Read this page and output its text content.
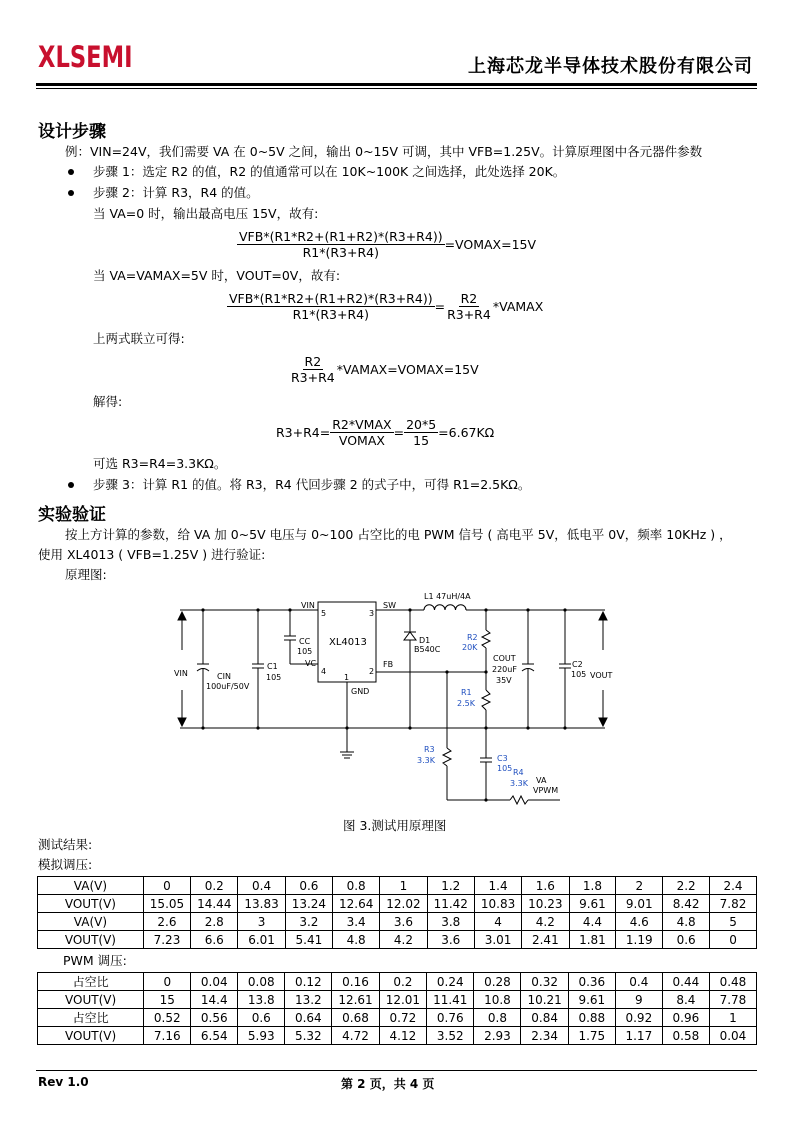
XLSEMI	上海芯龙半导体技术股份有限公司
设计步骤
例：VIN=24V，我们需要 VA 在 0~5V 之间，输出 0~15V 可调，其中 VFB=1.25V。计算原理图中各元器件参数
步骤 1：选定 R2 的值，R2 的值通常可以在 10K~100K 之间选择，此处选择 20K。
步骤 2：计算 R3，R4 的值。
当 VA=0 时，输出最高电压 15V，故有:
$\frac{\text{VFB*(R1*R2+(R1+R2)*(R3+R4))}}{R1*(R3+R4)}$ =VOMAX=15V
当 VA=VAMAX=5V 时，VOUT=0V，故有:
$\frac{\text{VFB*(R1*R2+(R1+R2)*(R3+R4))}}{R1*(R3+R4)} = \frac{R2}{R3+R4}$ *VAMAX
上两式联立可得:
$\frac{R2}{R3+R4}$ *VAMAX=VOMAX=15V
解得:
$R3+R4= \frac{\text{R2*VMAX}}{\text{VOMAX}} = \frac{20*5}{15} =6.67K\Omega$
可选 R3=R4=3.3KΩ。
步骤 3：计算 R1 的值。将 R3，R4 代回步骤 2 的式子中，可得 R1=2.5KΩ。
实验验证
按上方计算的参数，给 VA 加 0~5V 电压与 0~100 占空比的电 PWM 信号 ( 高电平 5V，低电平 0V，频率 10KHz ) ，
使用 XL4013 ( VFB=1.25V ) 进行验证:
原理图:
XL4013
VIN
5	3
SW
4
VC
1
GND
2
FB
L1 47uH/4A
D1
B540C
CC
105
CIN
100uF/50V
C1
105
VIN
R2
20K
COUT
220uF
35V
R1
2.5K
C2
105 VOUT
R3
3.3K	C3
105 R4
3.3K VA
VPWM
图 3.测试用原理图
测试结果:
模拟调压:
VA(V)	0	0.2	0.4	0.6	0.8	1	1.2	1.4	1.6	1.8	2	2.2	2.4
VOUT(V)	15.05	14.44	13.83	13.24	12.64	12.02	11.42	10.83	10.23	9.61	9.01	8.42	7.82
VA(V)	2.6	2.8	3	3.2	3.4	3.6	3.8	4	4.2	4.4	4.6	4.8	5
VOUT(V)	7.23	6.6	6.01	5.41	4.8	4.2	3.6	3.01	2.41	1.81	1.19	0.6	0
PWM 调压:
占空比	0	0.04	0.08	0.12	0.16	0.2	0.24	0.28	0.32	0.36	0.4	0.44	0.48
VOUT(V)	15	14.4	13.8	13.2	12.61	12.01	11.41	10.8	10.21	9.61	9	8.4	7.78
占空比	0.52	0.56	0.6	0.64	0.68	0.72	0.76	0.8	0.84	0.88	0.92	0.96	1
VOUT(V)	7.16	6.54	5.93	5.32	4.72	4.12	3.52	2.93	2.34	1.75	1.17	0.58	0.04
Rev 1.0	第 2 页，共 4 页
